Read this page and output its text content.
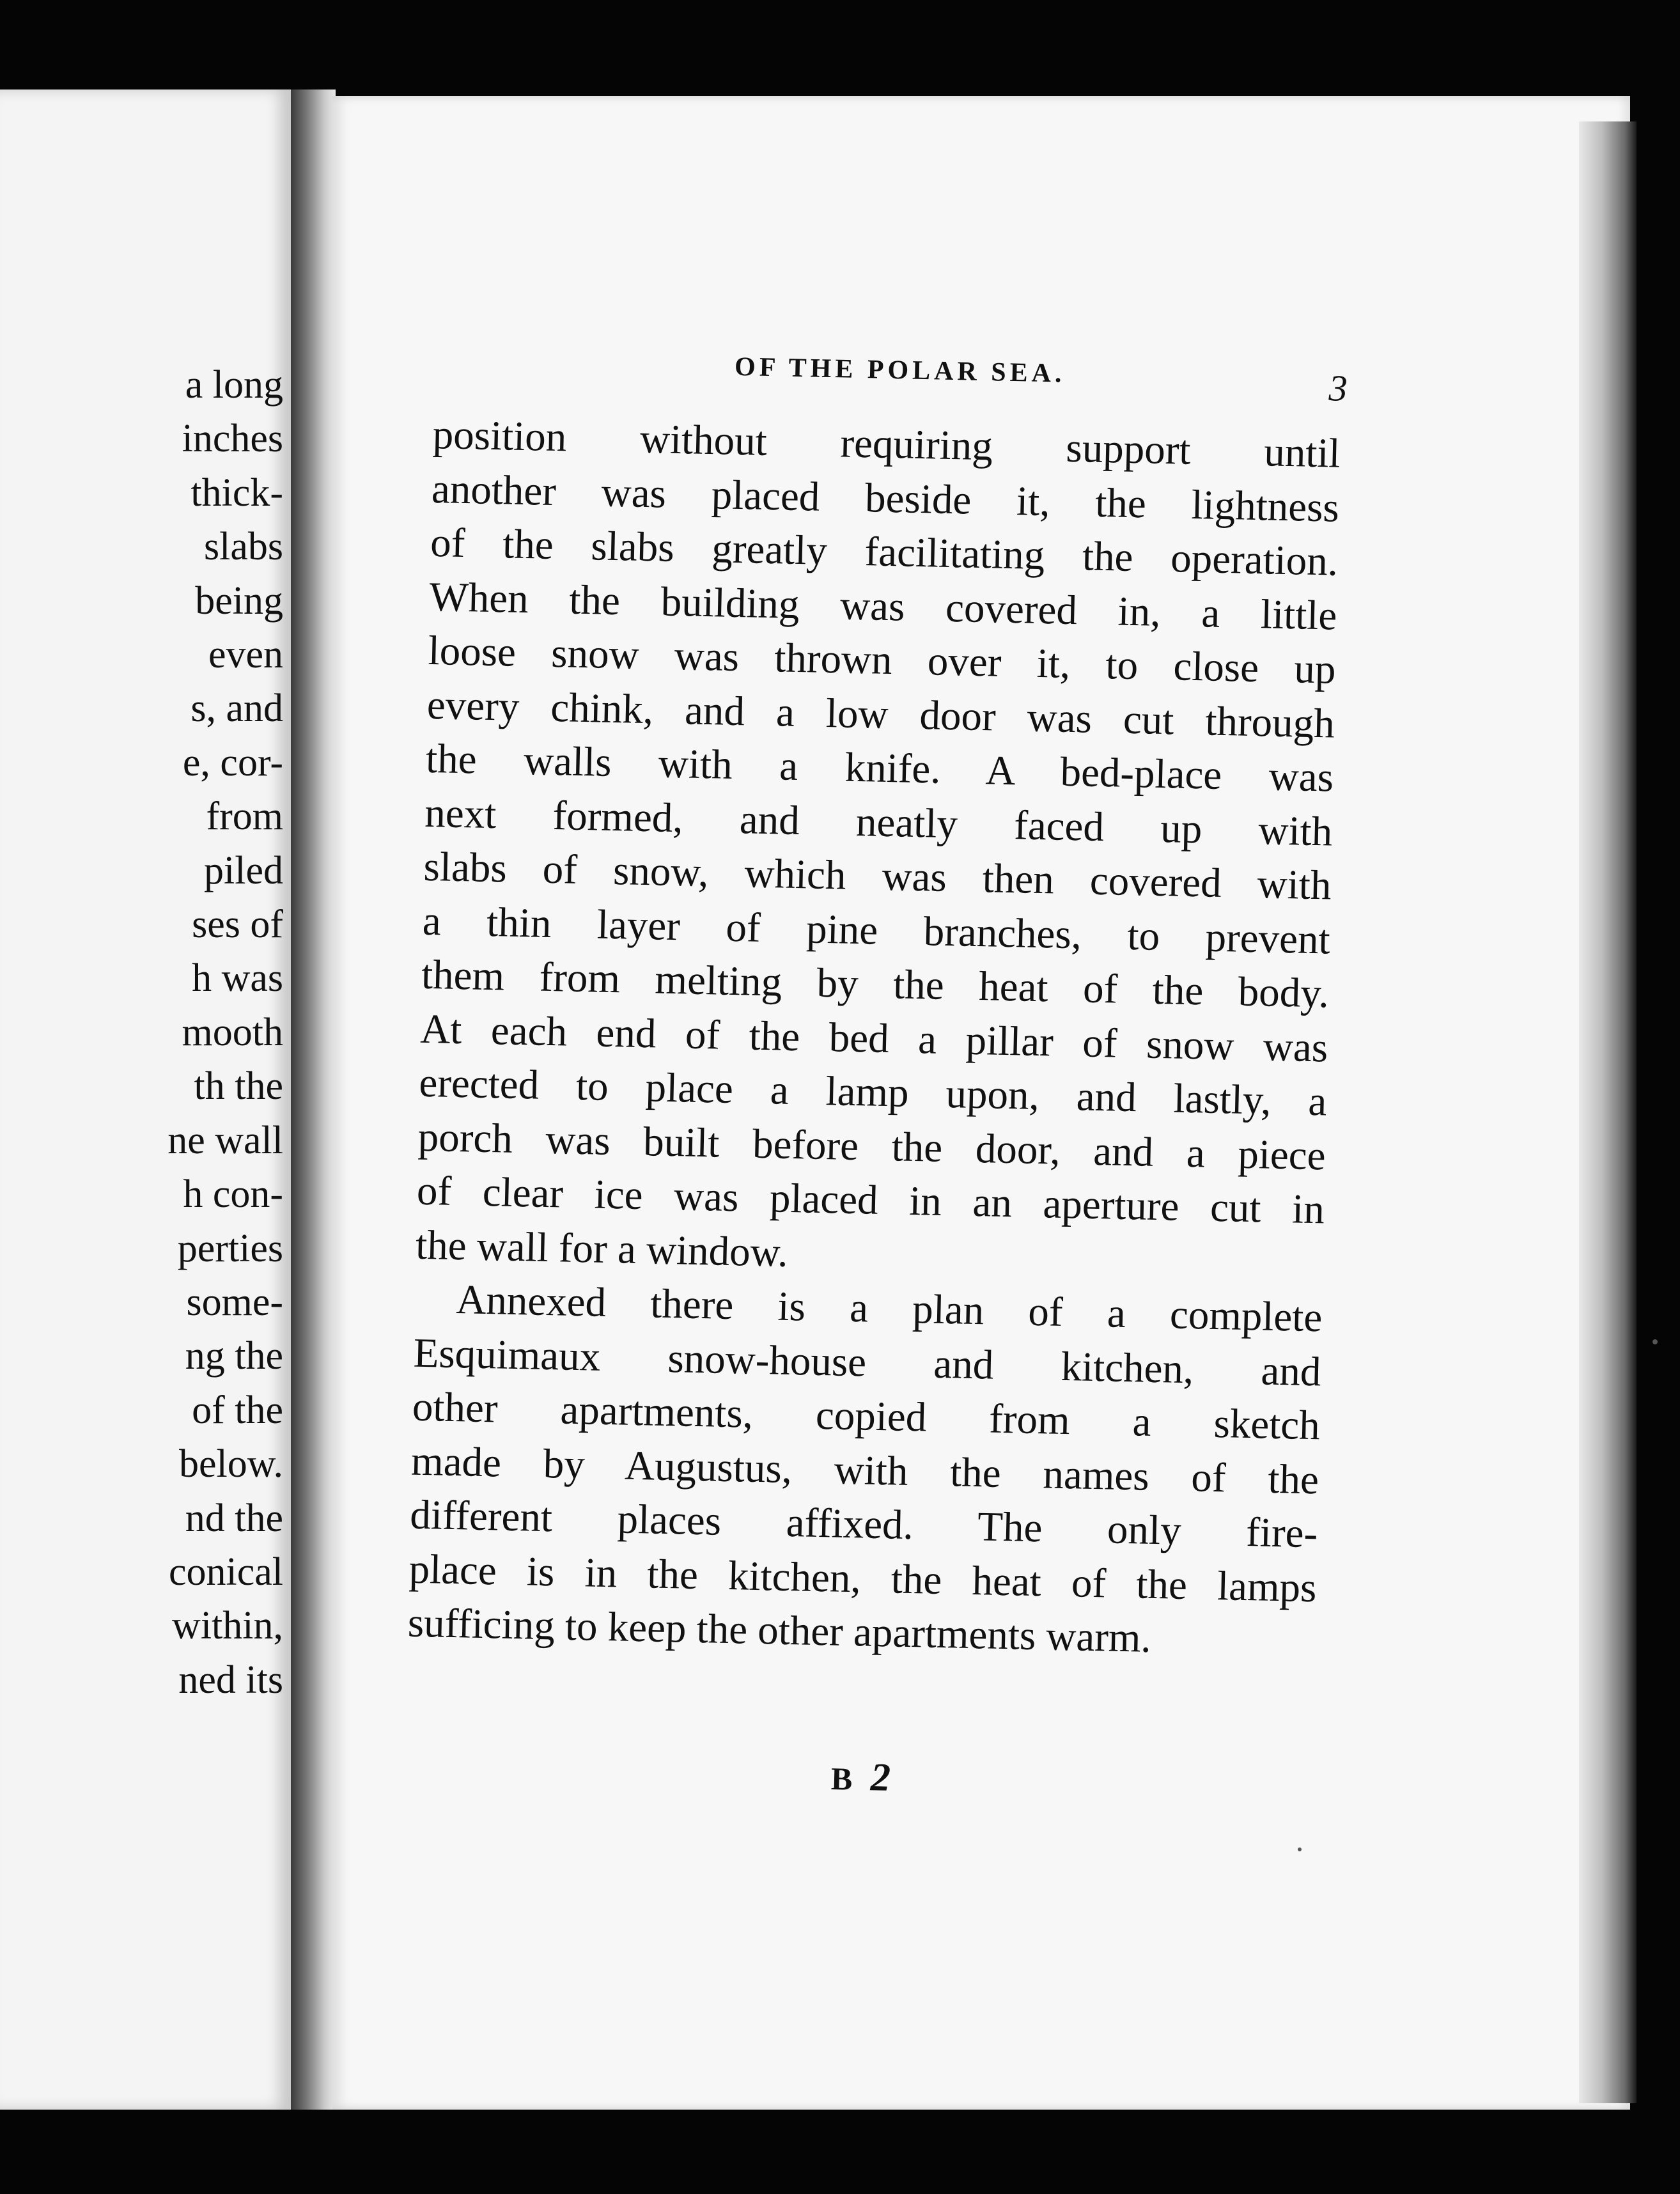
a long
inches
thick-
slabs
being
even
s, and
e, cor-
from
piled
ses of
h was
mooth
th the
ne wall
h con-
perties
some-
ng the
of the
below.
nd the
conical
within,
ned its
OF THE POLAR SEA.	3
position without requiring support until
another was placed beside it, the lightness
of the slabs greatly facilitating the operation.
When the building was covered in, a little
loose snow was thrown over it, to close up
every chink, and a low door was cut through
the walls with a knife. A bed-place was
next formed, and neatly faced up with
slabs of snow, which was then covered with
a thin layer of pine branches, to prevent
them from melting by the heat of the body.
At each end of the bed a pillar of snow was
erected to place a lamp upon, and lastly, a
porch was built before the door, and a piece
of clear ice was placed in an aperture cut in
the wall for a window.
Annexed there is a plan of a complete
Esquimaux snow-house and kitchen, and
other apartments, copied from a sketch
made by Augustus, with the names of the
different places affixed. The only fire-
place is in the kitchen, the heat of the lamps
sufficing to keep the other apartments warm.
B 2
